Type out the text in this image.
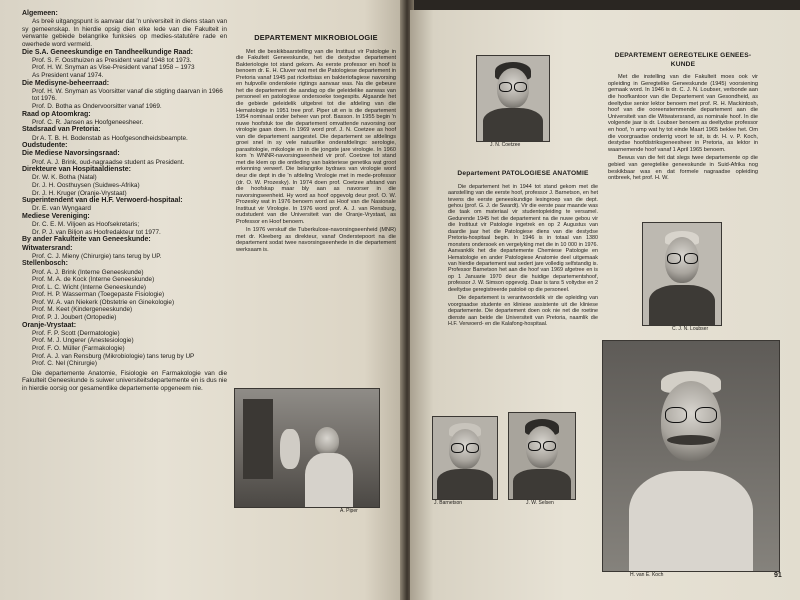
Algemeen:
As breë uitgangspunt is aanvaar dat 'n universiteit in diens staan van sy gemeenskap. In hierdie opsig dien elke lede van die Fakulteit in verwante gebiede belangrike funksies op medies-statutêre rade en owerhede word vermeld.
Die S.A. Geneeskundige en Tandheelkundige Raad:
Prof. S. F. Oosthuizen as President vanaf 1948 tot 1973.
Prof. H. W. Snyman as Vise-President vanaf 1958 – 1973
As President vanaf 1974.
Die Medisyne-beheerraad:
Prof. H. W. Snyman as Voorsitter vanaf die stigting daarvan in 1966 tot 1976.
Prof. D. Botha as Ondervoorsitter vanaf 1969.
Raad op Atoomkrag:
Prof. C. R. Jansen as Hoofgeneesheer.
Stadsraad van Pretoria:
Dr A. T. B. H. Bodenstab as Hoofgesondheidsbeampte.
Oudstudente:
Die Mediese Navorsingsraad:
Prof. A. J. Brink, oud-nagraadse student as President.
Direkteure van Hospitaaldienste:
Dr. W. K. Botha (Natal)
Dr. J. H. Oosthuysen (Suidwes-Afrika)
Dr. J. H. Kruger (Oranje-Vrystaat)
Superintendent van die H.F. Verwoerd-hospitaal:
Dr. E. van Wyngaard
Mediese Vereniging:
Dr. C. E. M. Viljoen as Hoofsekretaris;
Dr. P. J. van Biljon as Hoofredakteur tot 1977.
By ander Fakulteite van Geneeskunde:
Witwatersrand:
Prof. C. J. Mieny (Chirurgie) tans terug by UP.
Stellenbosch:
Prof. A. J. Brink (Interne Geneeskunde)
Prof. M. A. de Kock (Interne Geneeskunde)
Prof. L. C. Wicht (Interne Geneeskunde)
Prof. H. P. Wasserman (Toegepaste Fisiologie)
Prof. W. A. van Niekerk (Obstetrie en Ginekologie)
Prof. M. Keet (Kindergeneeskunde)
Prof. P. J. Joubert (Ortopedie)
Oranje-Vrystaat:
Prof. F. P. Scott (Dermatologie)
Prof. M. J. Ungerer (Anestesiologie)
Prof. F. O. Müller (Farmakologie)
Prof. A. J. van Rensburg (Mikrobiologie) tans terug by UP
Prof. C. Nel (Chirurgie)
Die departemente Anatomie, Fisiologie en Farmakologie van die Fakulteit Geneeskunde is suiwer universiteitsdepartemente en is dus nie in hierdie oorsig oor gesamentlike departemente opgeneem nie.
DEPARTEMENT MIKROBIOLOGIE
Met die beskikbaarstelling van die Instituut vir Patologie in die Fakulteit Geneeskunde, het die destydse departement Bakteriologie tot stand gekom. As eerste professor en hoof is benoem dr. E. H. Cluver wat met die Patologiese departement in Pretoria vanaf 1945 pat rickettsias en bakteriofagiese navorsing en hulpvolle onderskeie rigtings aanvaar was. Na die gebeure het die departement die aandag op die geleidelike aanwas van personeel en patologiese ondersoeke toegespits. Algaande het die gebiede geleidelik uitgebrei tot die afdeling van die Hematologie in 1951 tree prof. Piper uit en is die departement 1954 nominaal onder beheer van prof. Basson. In 1955 begin 'n nuwe hoofstuk toe die departement omvattende navorsing oor virologie gaan doen. In 1969 word prof. J. N. Coetzee as hoof van die departement aangestel. Die departement se afdelings groei snel in sy vele natuurlike onderafdelings: serologie, parasitologie, mikologie en in die jongste jare virologie. In 1960 kom 'n WNNR-navorsingseenheid vir prof. Coetzee tot stand met die klem op die ontleding van bakteriese genetika wat groot erkenning verwerf. Die belangrike bydraes van virologie word deur die dept in die 'n afdeling Virologie met in mede-professor (dr. O. W. Prozesky). In 1974 doen prof. Coetzee afstand van die hoofskap maar bly aan as navorser in die navorsingseenheid. Hy word as hoof opgevolg deur prof. O. W. Prozesky wat in 1976 benoem word as Hoof van die Nasionale Instituut vir Virologie. In 1976 word prof. A. J. van Rensburg, oudstudent van die Universiteit van die Oranje-Vrystaat, as Professor en Hoof benoem.
In 1976 verskuif die Tuberkulose-navorsingseenheid (MNR) met dr. Kleeberg as direkteur, vanaf Onderstepoort na die departement sodat twee navorsingseenhede in die departement werksaam is.
A. Piper
J. N. Coetzee
Departement PATOLOGIESE ANATOMIE
Die departement het in 1944 tot stand gekom met die aanstelling van die eerste hoof, professor J. Barnetson, en het tevens die eerste geneeskundige lesingroep van die dept. gehou (prof. G. J. de Swardt). Vir die eerste paar maande was die taak om materiaal vir studentopleiding te versamel. Gedurende 1945 het die departement na die nuwe gebou vir die Instituut vir Patologie ingetrek en op 2 Augustus van daardie jaar het die Patologiese diens van die destydse Pretoria-hospitaal begin. In 1946 is in totaal van 1380 monsters ondersoek en vergelyking met die in 10 000 in 1976. Aanvanklik het die departemente Chemiese Patologie en Hematologie en ander Patologiese Anatomie deel uitgemaak van hierdie departement wat sedert jare volledig selfstandig is. Professor Barnetson het aan die hoof van 1969 afgetree en is op 1 Januarie 1970 deur die huidige departementshoof, professor J. W. Simson opgevolg. Daar is tans 5 voltydse en 2 deeltydse geregistreerde patoloë op die personeel.
Die departement is verantwoordelik vir die opleiding van voorgraadse studente en kliniese assistente uit die kliniese departemente. Die departement doen ook nie net die roetine dienste aan beide die Universiteit van Pretoria, naamlik die H.F. Verwoerd- en die Kalafong-hospitaal.
J. Barnetson	J. W. Selsen
DEPARTEMENT GEREGTELIKE GENEES-KUNDE
Met die instelling van die Fakulteit moes ook vir opleiding in Geregtelike Geneeskunde (1945) voorsiening gemaak word. In 1946 is dr. C. J. N. Loubser, verbonde aan die hoofkantoor van die Departement van Gesondheid, as deeltydse senior lektor benoem met prof. R. H. Mackintosh, hoof van die ooreenstemmende departement aan die Universiteit van die Witwatersrand, as nominale hoof. In die volgende jaar is dr. Loubser benoem as deeltydse professor en hoof, 'n amp wat hy tot einde Maart 1965 beklee het. Om die voorgraadse onderrig voort te sit, is dr. H. v. P. Koch, destydse hoofdistriksgeneesheer in Pretoria, as lektor in waarnemende hoof vanaf 1 April 1965 benoem.
Bewus van die feit dat slegs twee departemente op die gebied van geregtelike geneeskunde in Suid-Afrika nog beskikbaar was en dat formele nagraadse opleiding ontbreek, het prof. H. W.
C. J. N. Loubser
H. van E. Koch	91
